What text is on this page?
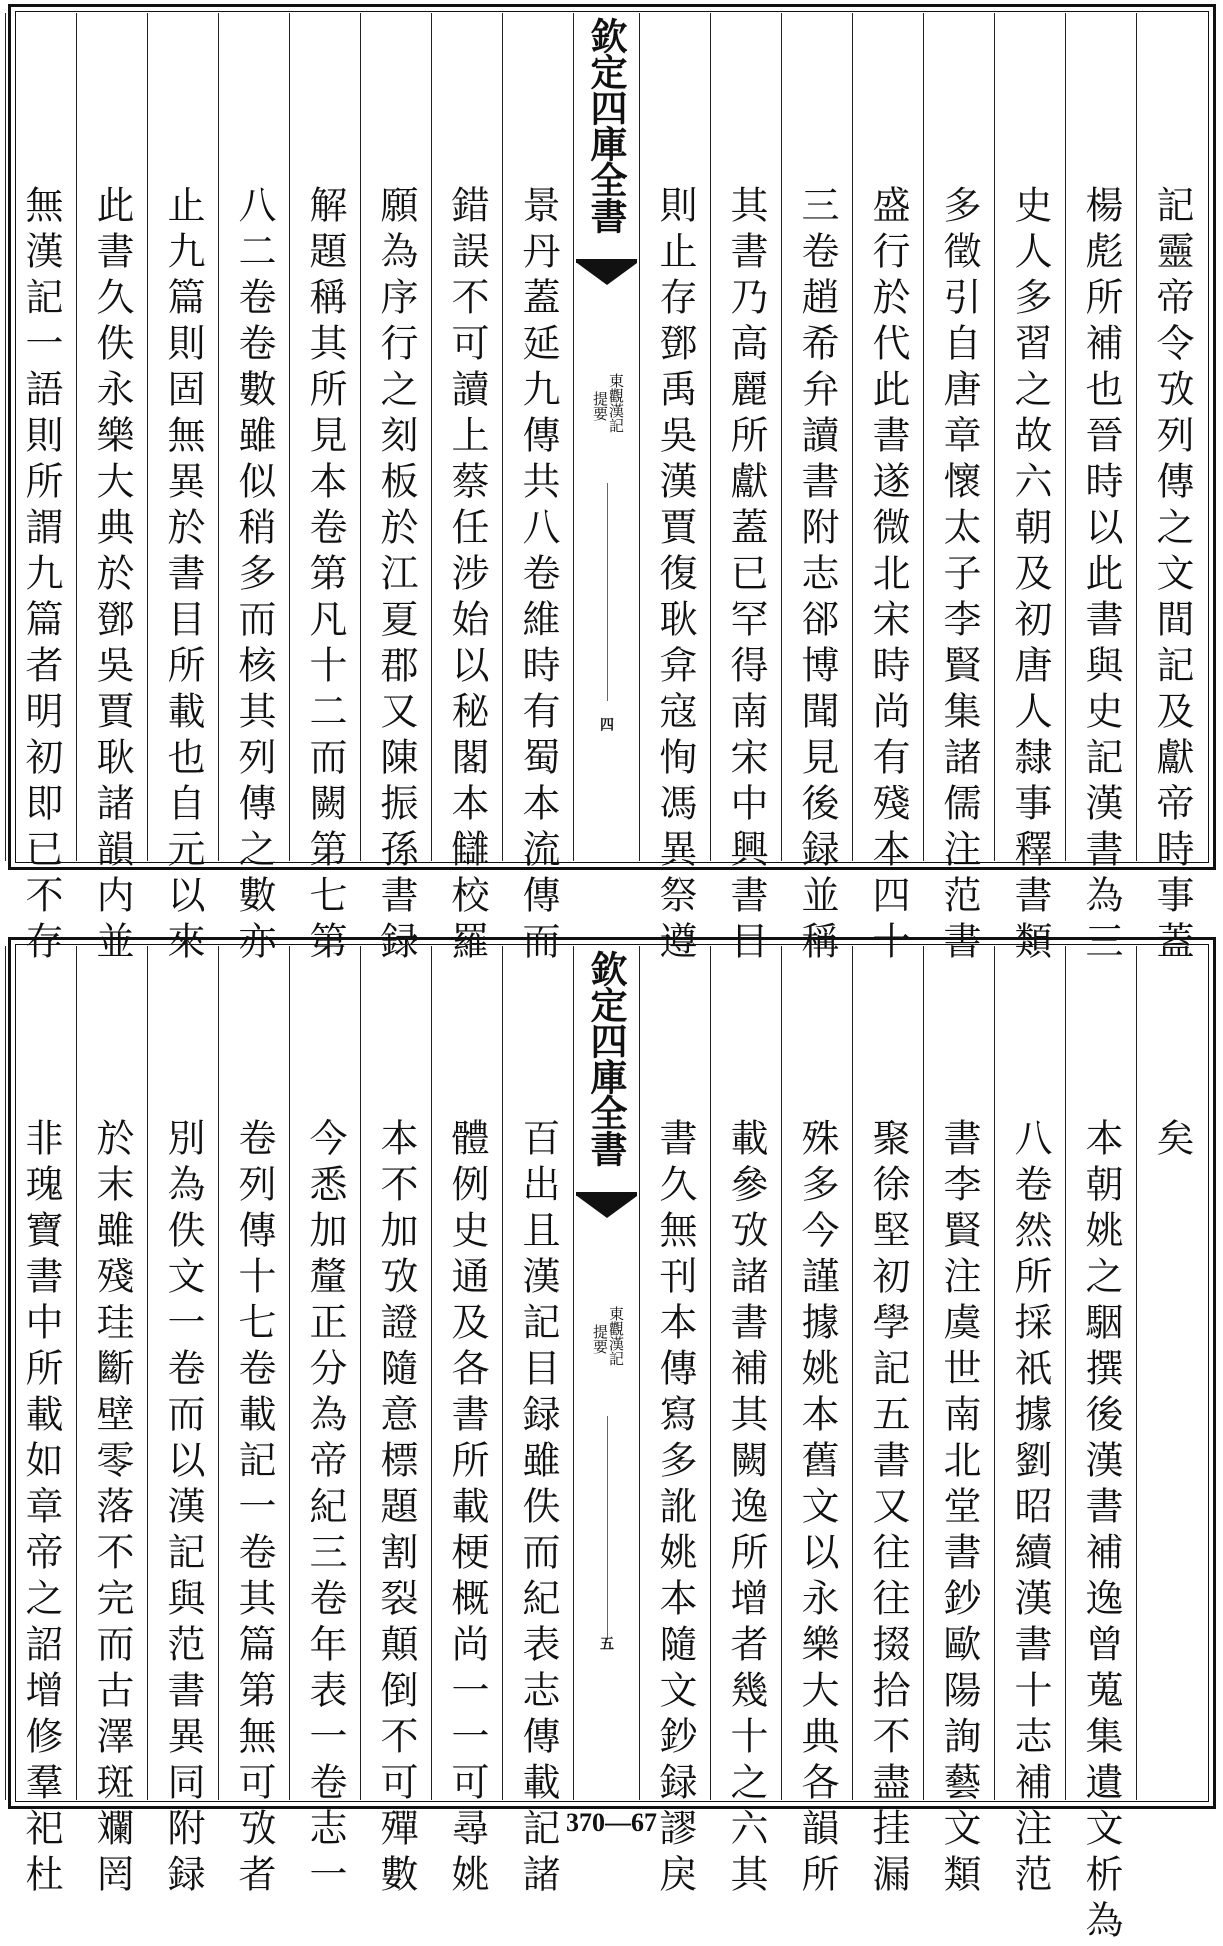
記靈帝令攷列傳之文間記及獻帝時事蓋
楊彪所補也晉時以此書與史記漢書為三
史人多習之故六朝及初唐人隸事釋書類
多徵引自唐章懷太子李賢集諸儒注范書
盛行於代此書遂微北宋時尚有殘本四十
三卷趙希弁讀書附志郤博聞見後録並稱
其書乃高麗所獻蓋已罕得南宋中興書目
則止存鄧禹吳漢賈復耿弇寇恂馮異祭遵
欽定四庫全書
東觀漢記
提要
四
景丹蓋延九傳共八卷維時有蜀本流傳而
錯誤不可讀上蔡任涉始以秘閣本讎校羅
願為序行之刻板於江夏郡又陳振孫書録
解題稱其所見本卷第凡十二而闕第七第
八二卷卷數雖似稍多而核其列傳之數亦
止九篇則固無異於書目所載也自元以來
此書久佚永樂大典於鄧吳賈耿諸韻内並
無漢記一語則所謂九篇者明初即已不存
矣
本朝姚之駰撰後漢書補逸曾蒐集遺文析為
八卷然所採祇據劉昭續漢書十志補注范
書李賢注虞世南北堂書鈔歐陽詢藝文類
聚徐堅初學記五書又往往掇拾不盡挂漏
殊多今謹據姚本舊文以永樂大典各韻所
載參攷諸書補其闕逸所增者幾十之六其
書久無刊本傳寫多訛姚本隨文鈔録謬戾
欽定四庫全書
東觀漢記
提要
五
百出且漢記目録雖佚而紀表志傳載記諸
體例史通及各書所載梗概尚一一可尋姚
本不加攷證隨意標題割裂顛倒不可殫數
今悉加釐正分為帝紀三卷年表一卷志一
卷列傳十七卷載記一卷其篇第無可攷者
別為佚文一卷而以漢記與范書異同附録
於末雖殘珪斷壁零落不完而古澤斑斕罔
非瑰寶書中所載如章帝之詔增修羣祀杜	370—67
